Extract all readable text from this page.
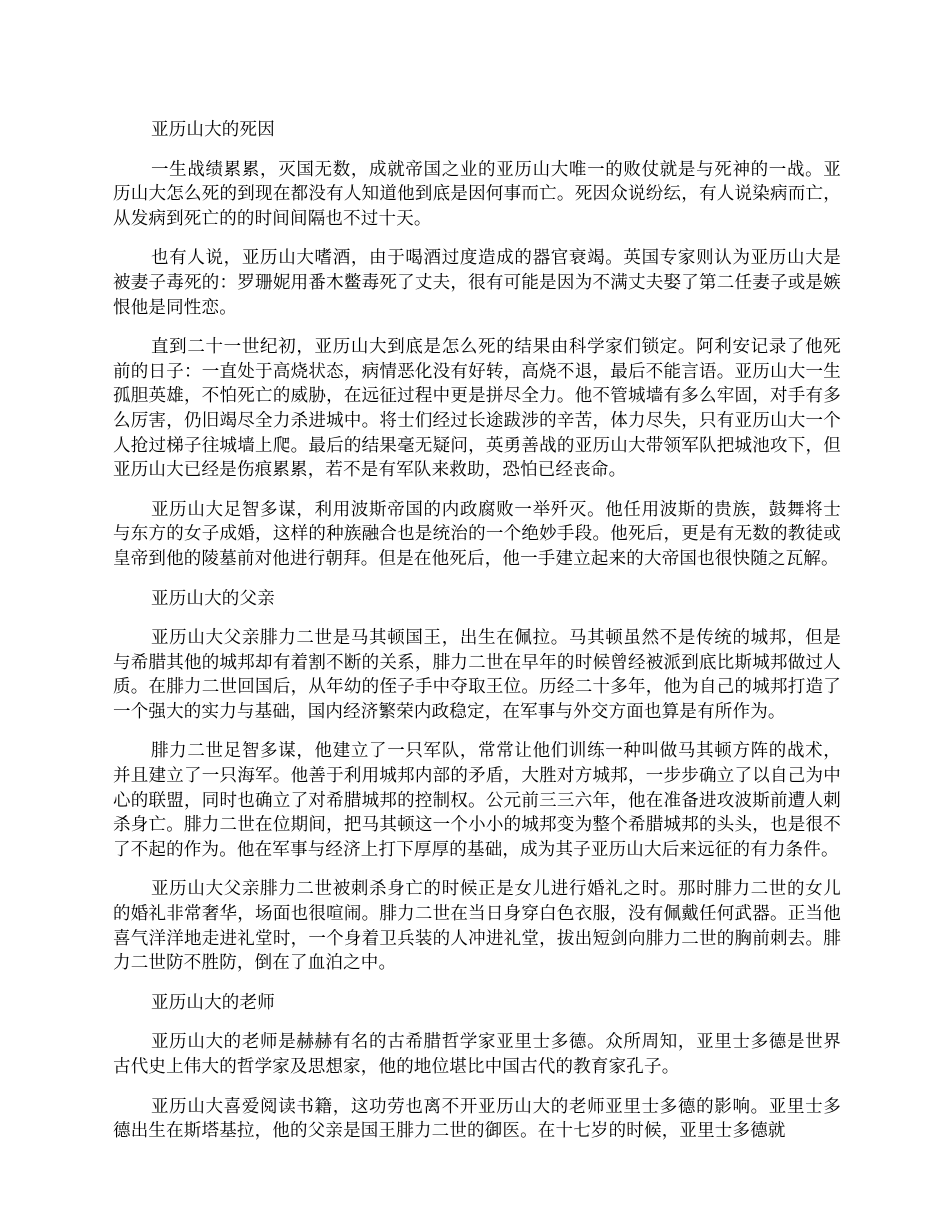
亚历山大的死因

一生战绩累累，灭国无数，成就帝国之业的亚历山大唯一的败仗就是与死神的一战。亚历山大怎么死的到现在都没有人知道他到底是因何事而亡。死因众说纷纭，有人说染病而亡，从发病到死亡的的时间间隔也不过十天。

也有人说，亚历山大嗜酒，由于喝酒过度造成的器官衰竭。英国专家则认为亚历山大是被妻子毒死的：罗珊妮用番木鳖毒死了丈夫，很有可能是因为不满丈夫娶了第二任妻子或是嫉恨他是同性恋。

直到二十一世纪初，亚历山大到底是怎么死的结果由科学家们锁定。阿利安记录了他死前的日子：一直处于高烧状态，病情恶化没有好转，高烧不退，最后不能言语。亚历山大一生孤胆英雄，不怕死亡的威胁，在远征过程中更是拼尽全力。他不管城墙有多么牢固，对手有多么厉害，仍旧竭尽全力杀进城中。将士们经过长途跋涉的辛苦，体力尽失，只有亚历山大一个人抢过梯子往城墙上爬。最后的结果毫无疑问，英勇善战的亚历山大带领军队把城池攻下，但亚历山大已经是伤痕累累，若不是有军队来救助，恐怕已经丧命。

亚历山大足智多谋，利用波斯帝国的内政腐败一举歼灭。他任用波斯的贵族，鼓舞将士与东方的女子成婚，这样的种族融合也是统治的一个绝妙手段。他死后，更是有无数的教徒或皇帝到他的陵墓前对他进行朝拜。但是在他死后，他一手建立起来的大帝国也很快随之瓦解。

亚历山大的父亲

亚历山大父亲腓力二世是马其顿国王，出生在佩拉。马其顿虽然不是传统的城邦，但是与希腊其他的城邦却有着割不断的关系，腓力二世在早年的时候曾经被派到底比斯城邦做过人质。在腓力二世回国后，从年幼的侄子手中夺取王位。历经二十多年，他为自己的城邦打造了一个强大的实力与基础，国内经济繁荣内政稳定，在军事与外交方面也算是有所作为。

腓力二世足智多谋，他建立了一只军队，常常让他们训练一种叫做马其顿方阵的战术，并且建立了一只海军。他善于利用城邦内部的矛盾，大胜对方城邦，一步步确立了以自己为中心的联盟，同时也确立了对希腊城邦的控制权。公元前三三六年，他在准备进攻波斯前遭人刺杀身亡。腓力二世在位期间，把马其顿这一个小小的城邦变为整个希腊城邦的头头，也是很不了不起的作为。他在军事与经济上打下厚厚的基础，成为其子亚历山大后来远征的有力条件。

亚历山大父亲腓力二世被刺杀身亡的时候正是女儿进行婚礼之时。那时腓力二世的女儿的婚礼非常奢华，场面也很喧闹。腓力二世在当日身穿白色衣服，没有佩戴任何武器。正当他喜气洋洋地走进礼堂时，一个身着卫兵装的人冲进礼堂，拔出短剑向腓力二世的胸前刺去。腓力二世防不胜防，倒在了血泊之中。

亚历山大的老师

亚历山大的老师是赫赫有名的古希腊哲学家亚里士多德。众所周知，亚里士多德是世界古代史上伟大的哲学家及思想家，他的地位堪比中国古代的教育家孔子。

亚历山大喜爱阅读书籍，这功劳也离不开亚历山大的老师亚里士多德的影响。亚里士多德出生在斯塔基拉，他的父亲是国王腓力二世的御医。在十七岁的时候，亚里士多德就
